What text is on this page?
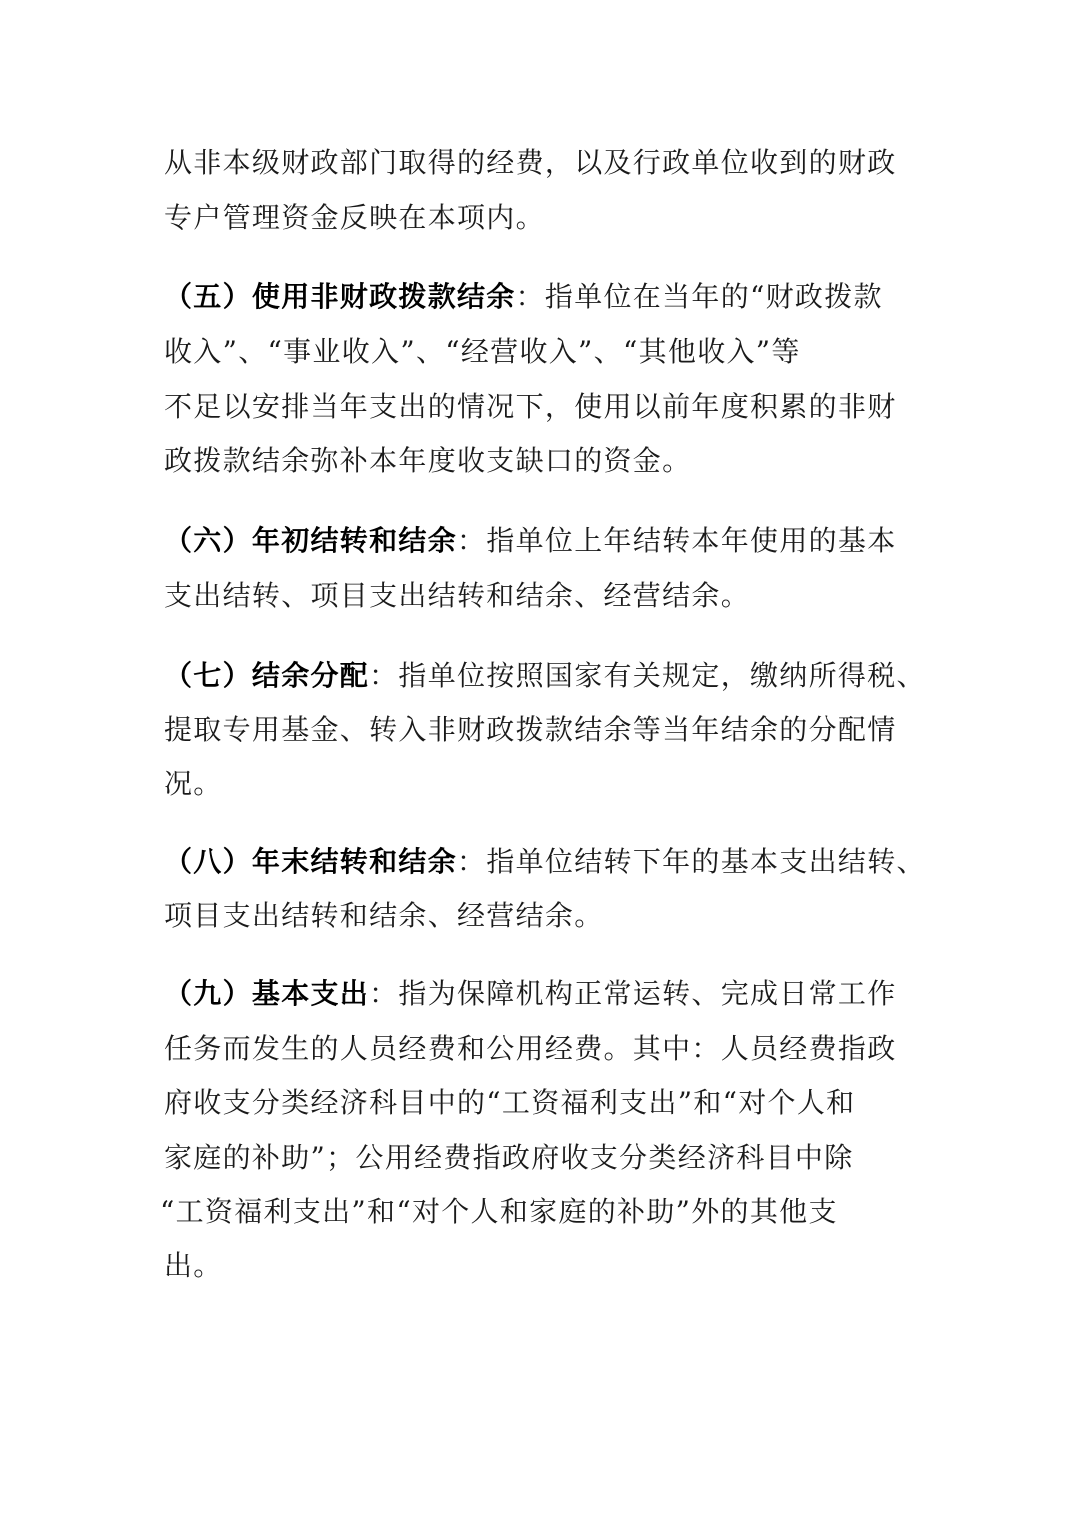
从非本级财政部门取得的经费，以及行政单位收到的财政
专户管理资金反映在本项内。
（五）使用非财政拨款结余：指单位在当年的“财政拨款
收入”、“事业收入”、“经营收入”、“其他收入”等
不足以安排当年支出的情况下，使用以前年度积累的非财
政拨款结余弥补本年度收支缺口的资金。
（六）年初结转和结余：指单位上年结转本年使用的基本
支出结转、项目支出结转和结余、经营结余。
（七）结余分配：指单位按照国家有关规定，缴纳所得税、
提取专用基金、转入非财政拨款结余等当年结余的分配情
况。
（八）年末结转和结余：指单位结转下年的基本支出结转、
项目支出结转和结余、经营结余。
（九）基本支出：指为保障机构正常运转、完成日常工作
任务而发生的人员经费和公用经费。其中：人员经费指政
府收支分类经济科目中的“工资福利支出”和“对个人和
家庭的补助”；公用经费指政府收支分类经济科目中除
“工资福利支出”和“对个人和家庭的补助”外的其他支
出。
